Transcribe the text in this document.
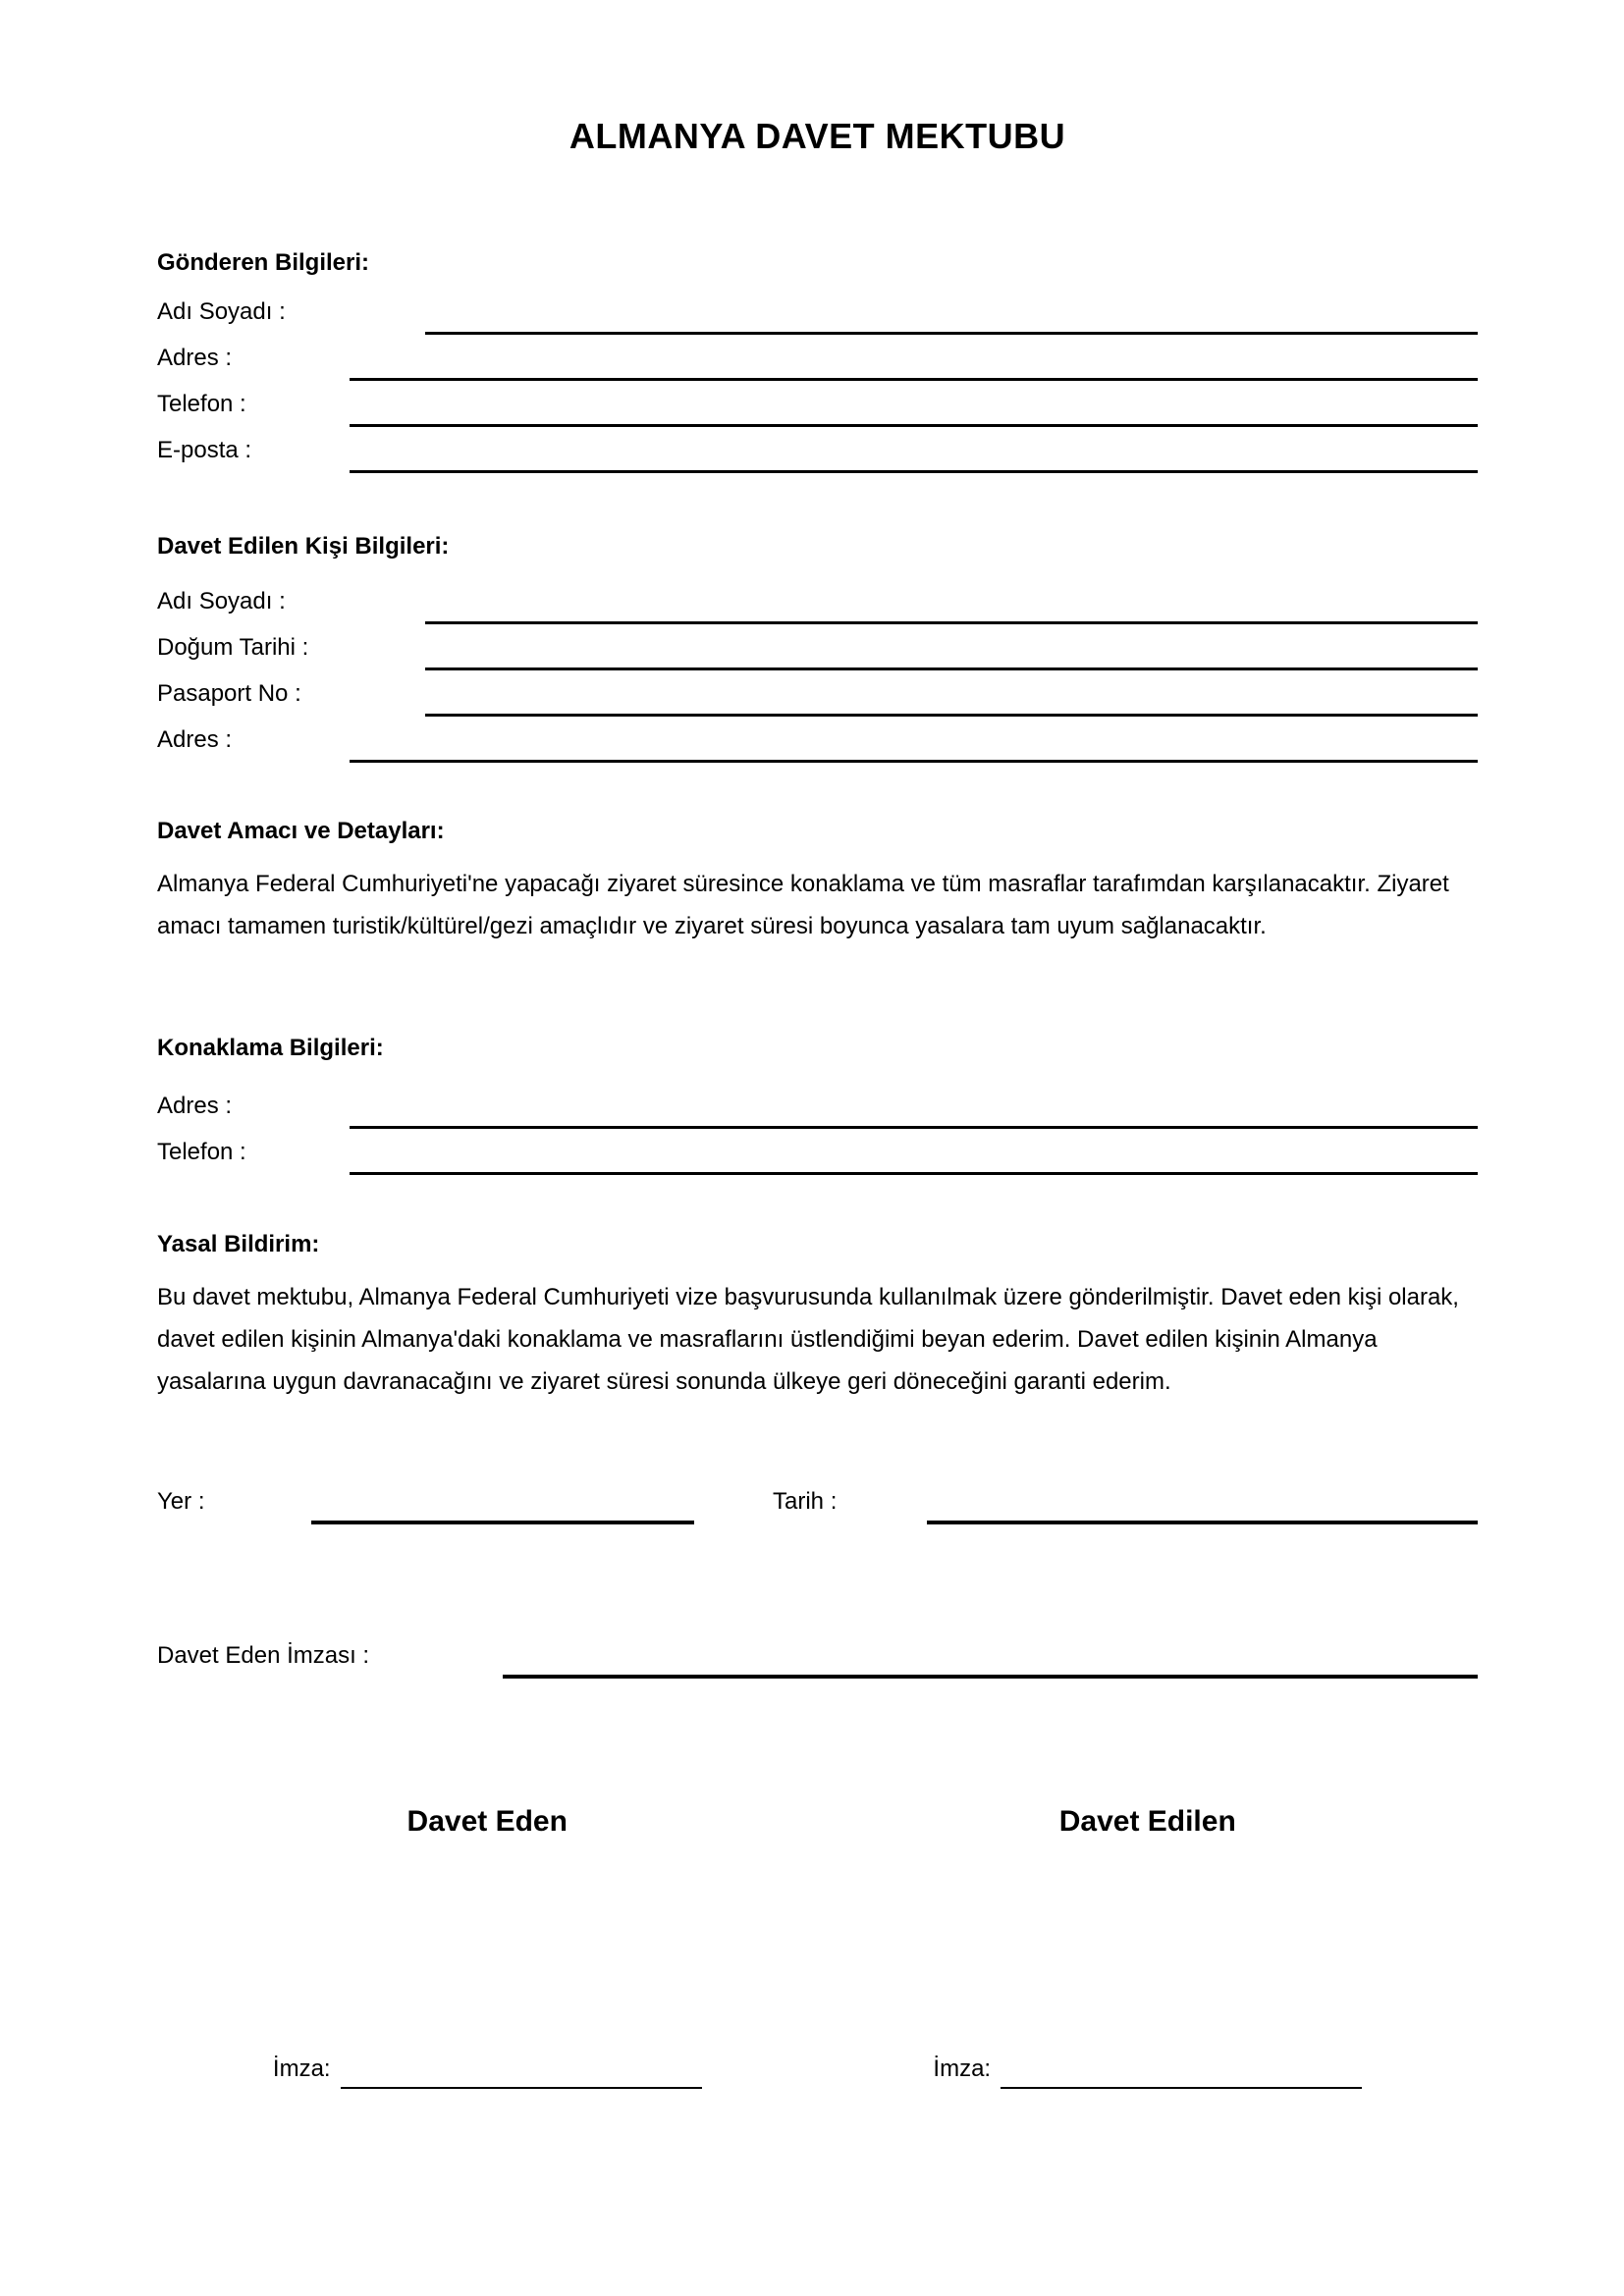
ALMANYA DAVET MEKTUBU
Gönderen Bilgileri:
Adı Soyadı :
Adres :
Telefon :
E-posta :
Davet Edilen Kişi Bilgileri:
Adı Soyadı :
Doğum Tarihi :
Pasaport No :
Adres :
Davet Amacı ve Detayları:
Almanya Federal Cumhuriyeti'ne yapacağı ziyaret süresince konaklama ve tüm masraflar tarafımdan karşılanacaktır. Ziyaret amacı tamamen turistik/kültürel/gezi amaçlıdır ve ziyaret süresi boyunca yasalara tam uyum sağlanacaktır.
Konaklama Bilgileri:
Adres :
Telefon :
Yasal Bildirim:
Bu davet mektubu, Almanya Federal Cumhuriyeti vize başvurusunda kullanılmak üzere gönderilmiştir. Davet eden kişi olarak, davet edilen kişinin Almanya'daki konaklama ve masraflarını üstlendiğimi beyan ederim. Davet edilen kişinin Almanya yasalarına uygun davranacağını ve ziyaret süresi sonunda ülkeye geri döneceğini garanti ederim.
Yer :	Tarih :
Davet Eden İmzası :
Davet Eden	Davet Edilen
İmza:	İmza:
